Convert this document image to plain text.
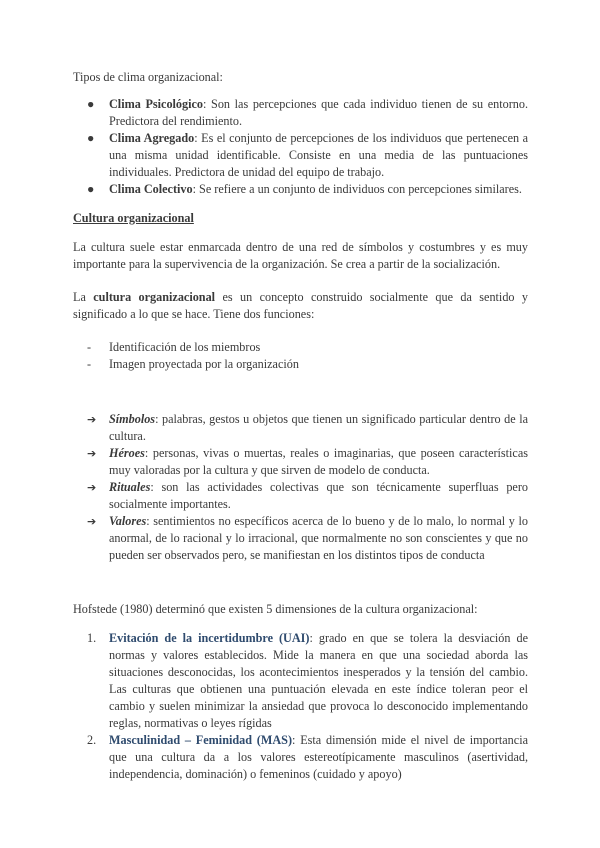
Tipos de clima organizacional:

● Clima Psicológico: Son las percepciones que cada individuo tienen de su entorno. Predictora del rendimiento.
● Clima Agregado: Es el conjunto de percepciones de los individuos que pertenecen a una misma unidad identificable. Consiste en una media de las puntuaciones individuales. Predictora de unidad del equipo de trabajo.
● Clima Colectivo: Se refiere a un conjunto de individuos con percepciones similares.
Cultura organizacional

La cultura suele estar enmarcada dentro de una red de símbolos y costumbres y es muy importante para la supervivencia de la organización. Se crea a partir de la socialización.

La cultura organizacional es un concepto construido socialmente que da sentido y significado a lo que se hace. Tiene dos funciones:

- Identificación de los miembros
- Imagen proyectada por la organización
➔ Símbolos: palabras, gestos u objetos que tienen un significado particular dentro de la cultura.
➔ Héroes: personas, vivas o muertas, reales o imaginarias, que poseen características muy valoradas por la cultura y que sirven de modelo de conducta.
➔ Rituales: son las actividades colectivas que son técnicamente superfluas pero socialmente importantes.
➔ Valores: sentimientos no específicos acerca de lo bueno y de lo malo, lo normal y lo anormal, de lo racional y lo irracional, que normalmente no son conscientes y que no pueden ser observados pero, se manifiestan en los distintos tipos de conducta

Hofstede (1980) determinó que existen 5 dimensiones de la cultura organizacional:

1. Evitación de la incertidumbre (UAI): grado en que se tolera la desviación de normas y valores establecidos. Mide la manera en que una sociedad aborda las situaciones desconocidas, los acontecimientos inesperados y la tensión del cambio. Las culturas que obtienen una puntuación elevada en este índice toleran peor el cambio y suelen minimizar la ansiedad que provoca lo desconocido implementando reglas, normativas o leyes rígidas
2. Masculinidad – Feminidad (MAS): Esta dimensión mide el nivel de importancia que una cultura da a los valores estereotípicamente masculinos (asertividad, independencia, dominación) o femeninos (cuidado y apoyo)
